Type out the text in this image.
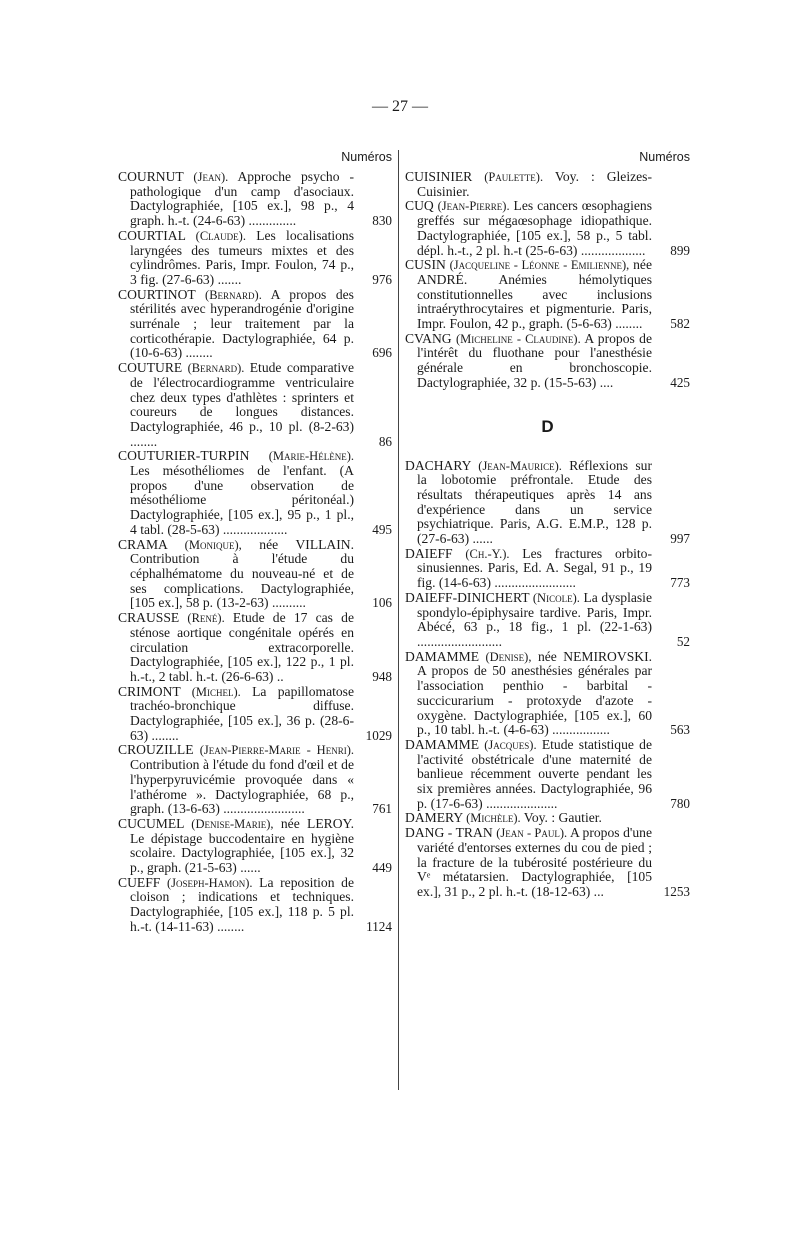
— 27 —
Numéros
COURNUT (Jean). Approche psycho - pathologique d'un camp d'asociaux. Dactylographiée, [105 ex.], 98 p., 4 graph. h.-t. (24-6-63) ..............	830
COURTIAL (Claude). Les localisations laryngées des tumeurs mixtes et des cylindrômes. Paris, Impr. Foulon, 74 p., 3 fig. (27-6-63) .......	976
COURTINOT (Bernard). A propos des stérilités avec hyperandrogénie d'origine surrénale ; leur traitement par la corticothérapie. Dactylographiée, 64 p. (10-6-63) ........	696
COUTURE (Bernard). Etude comparative de l'électrocardiogramme ventriculaire chez deux types d'athlètes : sprinters et coureurs de longues distances. Dactylographiée, 46 p., 10 pl. (8-2-63) ........	86
COUTURIER-TURPIN (Marie-Hélène). Les mésothéliomes de l'enfant. (A propos d'une observation de mésothéliome péritonéal.) Dactylographiée, [105 ex.], 95 p., 1 pl., 4 tabl. (28-5-63) ...................	495
CRAMA (Monique), née VILLAIN. Contribution à l'étude du céphalhématome du nouveau-né et de ses complications. Dactylographiée, [105 ex.], 58 p. (13-2-63) ..........	106
CRAUSSE (René). Etude de 17 cas de sténose aortique congénitale opérés en circulation extracorporelle. Dactylographiée, [105 ex.], 122 p., 1 pl. h.-t., 2 tabl. h.-t. (26-6-63) ..	948
CRIMONT (Michel). La papillomatose trachéo-bronchique diffuse. Dactylographiée, [105 ex.], 36 p. (28-6-63) ........	1029
CROUZILLE (Jean-Pierre-Marie - Henri). Contribution à l'étude du fond d'œil et de l'hyperpyruvicémie provoquée dans « l'athérome ». Dactylographiée, 68 p., graph. (13-6-63) ........................	761
CUCUMEL (Denise-Marie), née LEROY. Le dépistage buccodentaire en hygiène scolaire. Dactylographiée, [105 ex.], 32 p., graph. (21-5-63) ......	449
CUEFF (Joseph-Hamon). La reposition de cloison ; indications et techniques. Dactylographiée, [105 ex.], 118 p. 5 pl. h.-t. (14-11-63) ........	1124
Numéros
CUISINIER (Paulette). Voy. : Gleizes-Cuisinier.
CUQ (Jean-Pierre). Les cancers œsophagiens greffés sur mégaœsophage idiopathique. Dactylographiée, [105 ex.], 58 p., 5 tabl. dépl. h.-t., 2 pl. h.-t (25-6-63) ...................	899
CUSIN (Jacqueline - Léonne - Emilienne), née ANDRÉ. Anémies hémolytiques constitutionnelles avec inclusions intraérythrocytaires et pigmenturie. Paris, Impr. Foulon, 42 p., graph. (5-6-63) ........	582
CVANG (Micheline - Claudine). A propos de l'intérêt du fluothane pour l'anesthésie générale en bronchoscopie. Dactylographiée, 32 p. (15-5-63) ....	425
D
DACHARY (Jean-Maurice). Réflexions sur la lobotomie préfrontale. Etude des résultats thérapeutiques après 14 ans d'expérience dans un service psychiatrique. Paris, A.G. E.M.P., 128 p. (27-6-63) ......	997
DAIEFF (Ch.-Y.). Les fractures orbito-sinusiennes. Paris, Ed. A. Segal, 91 p., 19 fig. (14-6-63) ........................	773
DAIEFF-DINICHERT (Nicole). La dysplasie spondylo-épiphysaire tardive. Paris, Impr. Abécé, 63 p., 18 fig., 1 pl. (22-1-63) .........................	52
DAMAMME (Denise), née NEMIROVSKI. A propos de 50 anesthésies générales par l'association penthio - barbital - succicurarium - protoxyde d'azote - oxygène. Dactylographiée, [105 ex.], 60 p., 10 tabl. h.-t. (4-6-63) .................	563
DAMAMME (Jacques). Etude statistique de l'activité obstétricale d'une maternité de banlieue récemment ouverte pendant les six premières années. Dactylographiée, 96 p. (17-6-63) .....................	780
DAMERY (Michèle). Voy. : Gautier.
DANG - TRAN (Jean - Paul). A propos d'une variété d'entorses externes du cou de pied ; la fracture de la tubérosité postérieure du Vᵉ métatarsien. Dactylographiée, [105 ex.], 31 p., 2 pl. h.-t. (18-12-63) ...	1253
